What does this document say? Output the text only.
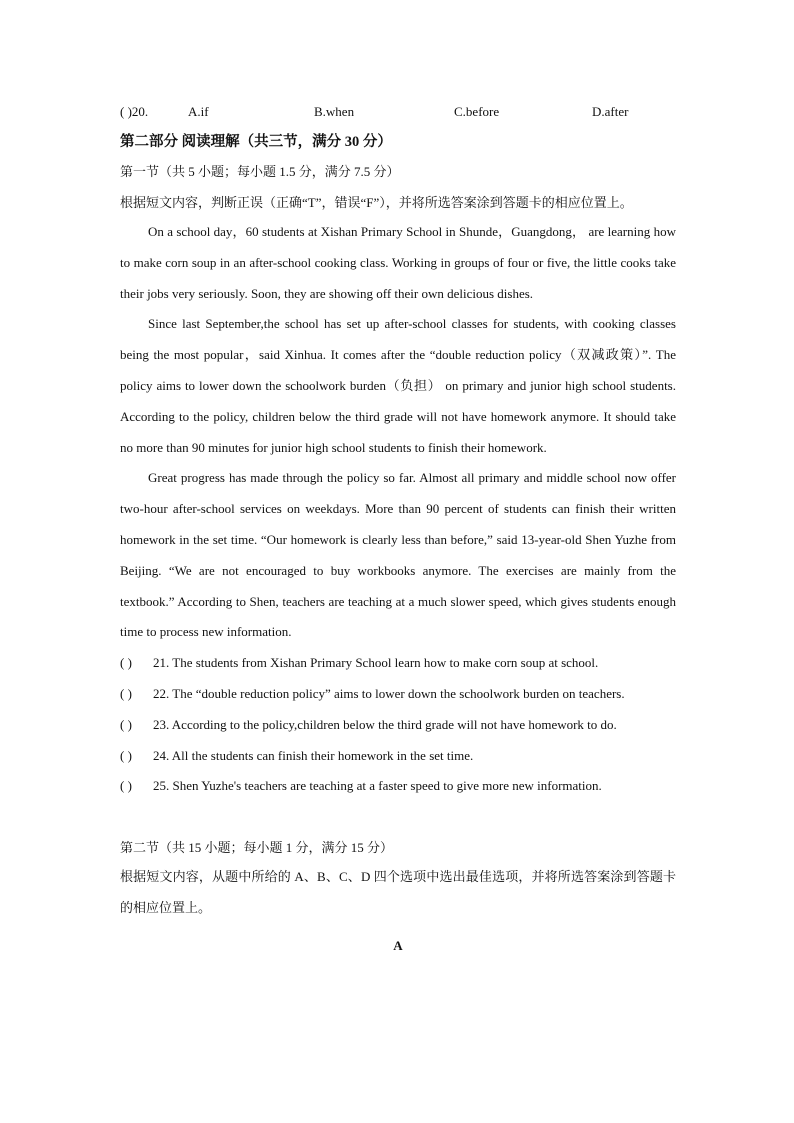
( )20.	A.if	B.when	C.before	D.after
第二部分 阅读理解（共三节，满分 30 分）
第一节（共 5 小题；每小题 1.5 分，满分 7.5 分）
根据短文内容，判断正误（正确“T”，错误“F”），并将所选答案涂到答题卡的相应位置上。

On a school day，60 students at Xishan Primary School in Shunde，Guangdong， are learning how to make corn soup in an after-school cooking class. Working in groups of four or five, the little cooks take their jobs very seriously. Soon, they are showing off their own delicious dishes.

Since last September,the school has set up after-school classes for students, with cooking classes being the most popular，said Xinhua. It comes after the “double reduction policy（双减政策）”. The policy aims to lower down the schoolwork burden（负担） on primary and junior high school students. According to the policy, children below the third grade will not have homework anymore. It should take no more than 90 minutes for junior high school students to finish their homework.

Great progress has made through the policy so far. Almost all primary and middle school now offer two-hour after-school services on weekdays. More than 90 percent of students can finish their written homework in the set time. “Our homework is clearly less than before,” said 13-year-old Shen Yuzhe from Beijing. “We are not encouraged to buy workbooks anymore. The exercises are mainly from the textbook.” According to Shen, teachers are teaching at a much slower speed, which gives students enough time to process new information.

( ) 21. The students from Xishan Primary School learn how to make corn soup at school.
( ) 22. The “double reduction policy” aims to lower down the schoolwork burden on teachers.
( ) 23. According to the policy,children below the third grade will not have homework to do.
( ) 24. All the students can finish their homework in the set time.
( ) 25. Shen Yuzhe's teachers are teaching at a faster speed to give more new information.
第二节（共 15 小题；每小题 1 分，满分 15 分）

根据短文内容，从题中所给的 A、B、C、D 四个选项中选出最佳选项，并将所选答案涂到答题卡的相应位置上。

A
